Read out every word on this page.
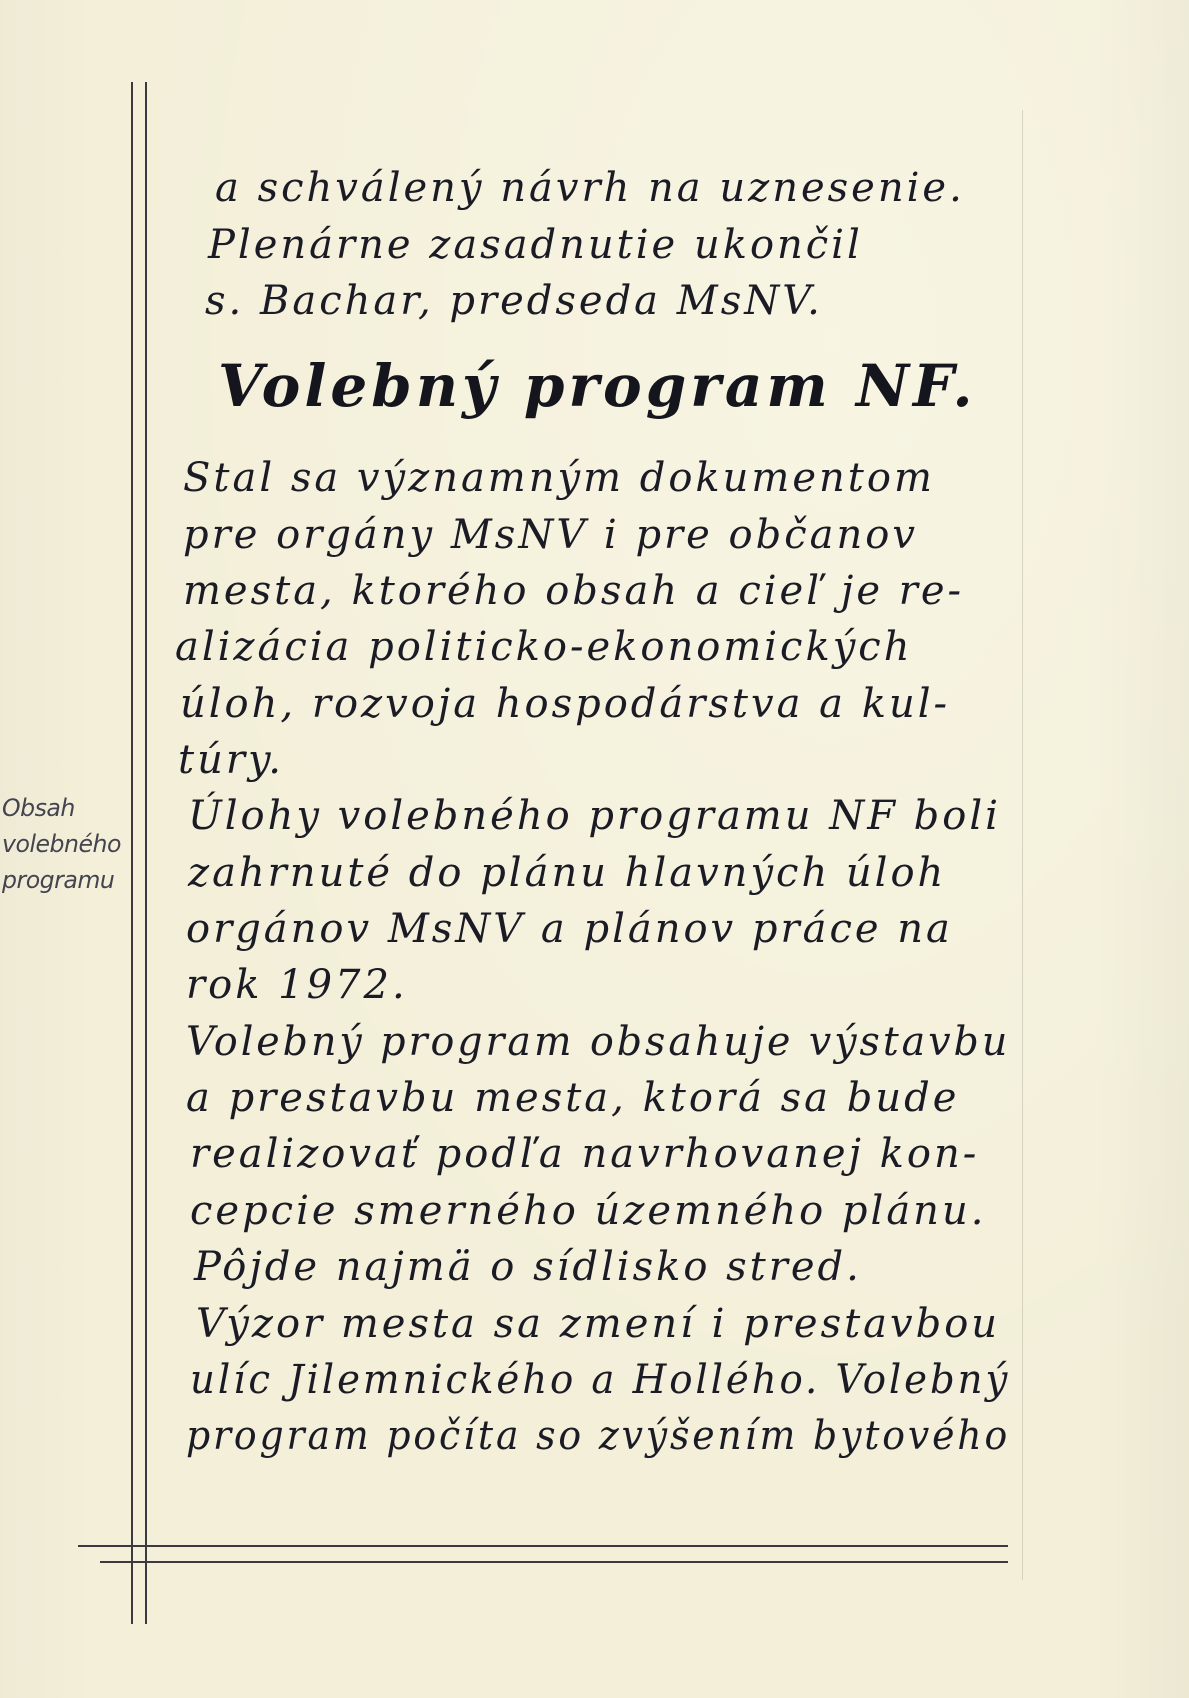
Obsah
volebného
programu
a schválený návrh na uznesenie.
Plenárne zasadnutie ukončil
s. Bachar, predseda MsNV.
Volebný program NF.
Stal sa významným dokumentom
pre orgány MsNV i pre občanov
mesta, ktorého obsah a cieľ je re-
alizácia politicko-ekonomických
úloh, rozvoja hospodárstva a kul-
túry.
Úlohy volebného programu NF boli
zahrnuté do plánu hlavných úloh
orgánov MsNV a plánov práce na
rok 1972.
Volebný program obsahuje výstavbu
a prestavbu mesta, ktorá sa bude
realizovať podľa navrhovanej kon-
cepcie smerného územného plánu.
Pôjde najmä o sídlisko stred.
Výzor mesta sa zmení i prestavbou
ulíc Jilemnického a Hollého. Volebný
program počíta so zvýšením bytového
